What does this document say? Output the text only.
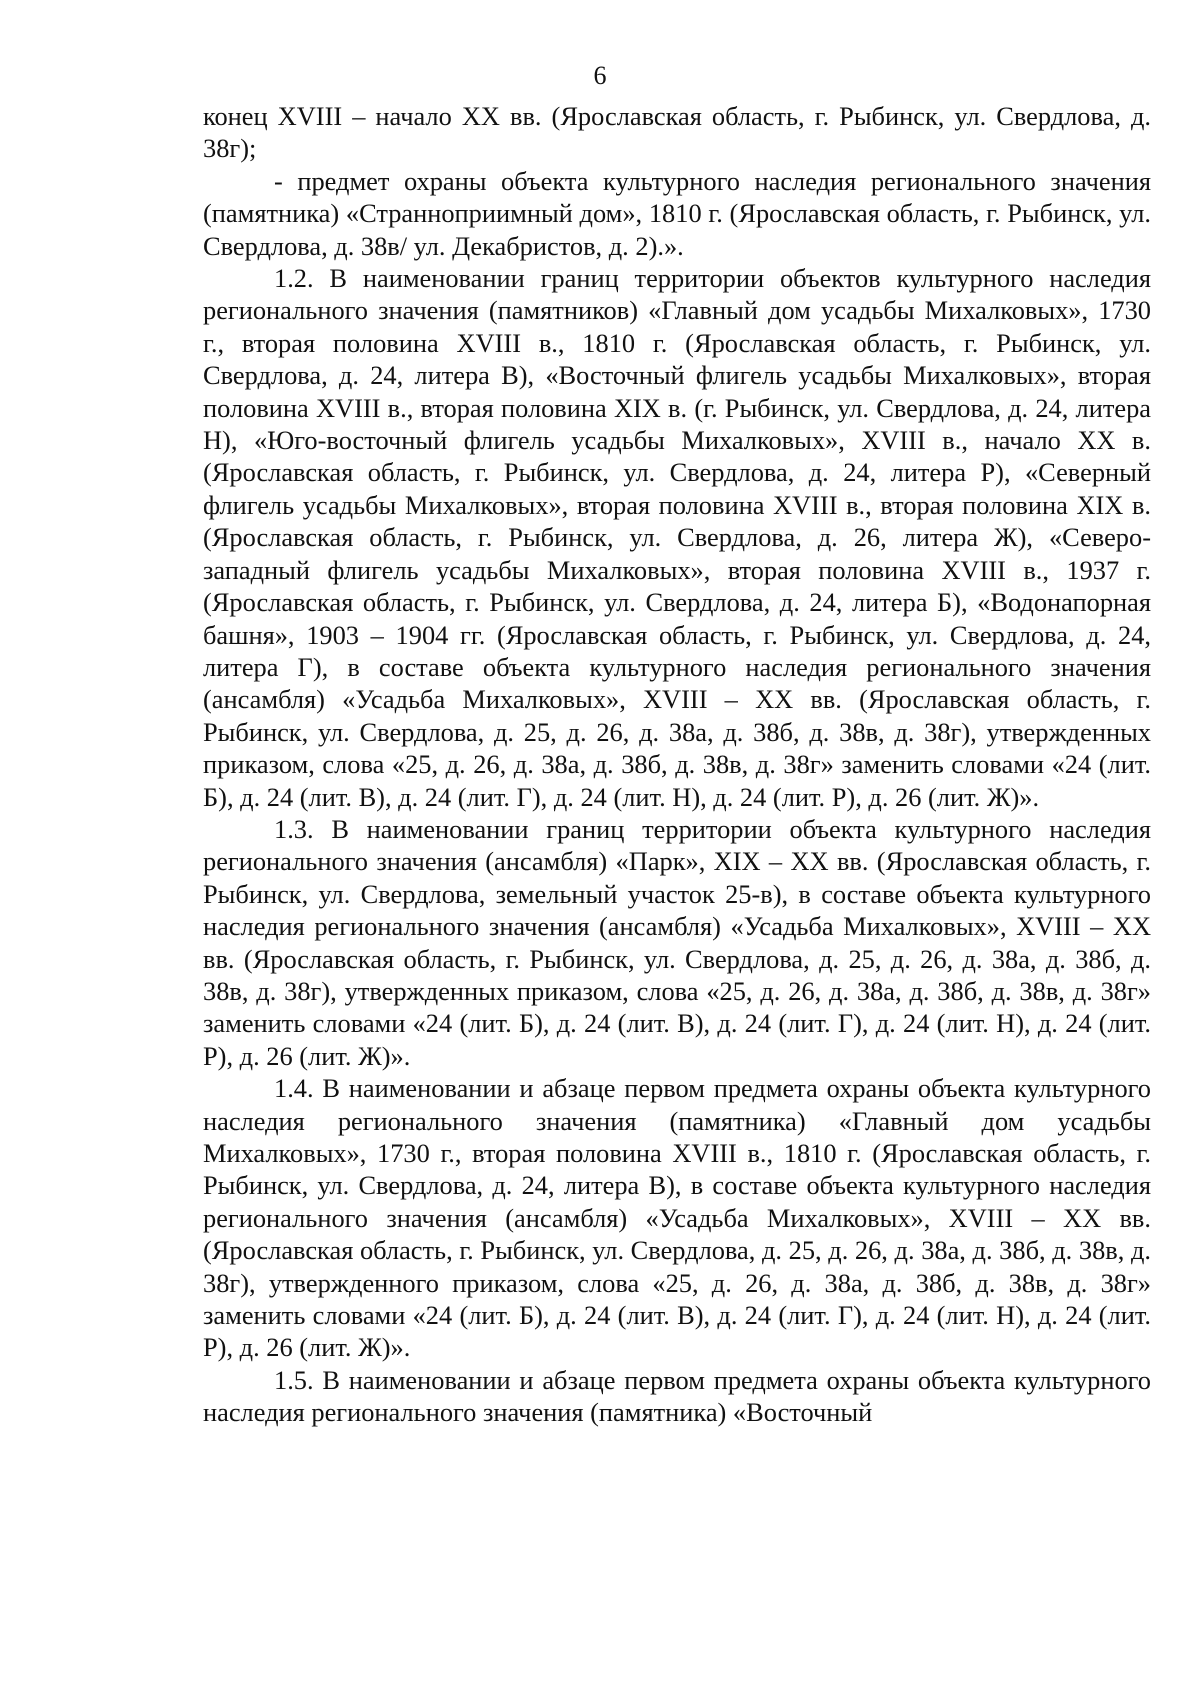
6

конец XVIII – начало XX вв. (Ярославская область, г. Рыбинск, ул. Свердлова, д. 38г);

- предмет охраны объекта культурного наследия регионального значения (памятника) «Странноприимный дом», 1810 г. (Ярославская область, г. Рыбинск, ул. Свердлова, д. 38в/ ул. Декабристов, д. 2).».

1.2. В наименовании границ территории объектов культурного наследия регионального значения (памятников) «Главный дом усадьбы Михалковых», 1730 г., вторая половина XVIII в., 1810 г. (Ярославская область, г. Рыбинск, ул. Свердлова, д. 24, литера В), «Восточный флигель усадьбы Михалковых», вторая половина XVIII в., вторая половина XIX в. (г. Рыбинск, ул. Свердлова, д. 24, литера Н), «Юго-восточный флигель усадьбы Михалковых», XVIII в., начало XX в. (Ярославская область, г. Рыбинск, ул. Свердлова, д. 24, литера Р), «Северный флигель усадьбы Михалковых», вторая половина XVIII в., вторая половина XIX в. (Ярославская область, г. Рыбинск, ул. Свердлова, д. 26, литера Ж), «Северо-западный флигель усадьбы Михалковых», вторая половина XVIII в., 1937 г. (Ярославская область, г. Рыбинск, ул. Свердлова, д. 24, литера Б), «Водонапорная башня», 1903 – 1904 гг. (Ярославская область, г. Рыбинск, ул. Свердлова, д. 24, литера Г), в составе объекта культурного наследия регионального значения (ансамбля) «Усадьба Михалковых», XVIII – XX вв. (Ярославская область, г. Рыбинск, ул. Свердлова, д. 25, д. 26, д. 38а, д. 38б, д. 38в, д. 38г), утвержденных приказом, слова «25, д. 26, д. 38а, д. 38б, д. 38в, д. 38г» заменить словами «24 (лит. Б), д. 24 (лит. В), д. 24 (лит. Г), д. 24 (лит. Н), д. 24 (лит. Р), д. 26 (лит. Ж)».

1.3. В наименовании границ территории объекта культурного наследия регионального значения (ансамбля) «Парк», XIX – XX вв. (Ярославская область, г. Рыбинск, ул. Свердлова, земельный участок 25-в), в составе объекта культурного наследия регионального значения (ансамбля) «Усадьба Михалковых», XVIII – XX вв. (Ярославская область, г. Рыбинск, ул. Свердлова, д. 25, д. 26, д. 38а, д. 38б, д. 38в, д. 38г), утвержденных приказом, слова «25, д. 26, д. 38а, д. 38б, д. 38в, д. 38г» заменить словами «24 (лит. Б), д. 24 (лит. В), д. 24 (лит. Г), д. 24 (лит. Н), д. 24 (лит. Р), д. 26 (лит. Ж)».

1.4. В наименовании и абзаце первом предмета охраны объекта культурного наследия регионального значения (памятника) «Главный дом усадьбы Михалковых», 1730 г., вторая половина XVIII в., 1810 г. (Ярославская область, г. Рыбинск, ул. Свердлова, д. 24, литера В), в составе объекта культурного наследия регионального значения (ансамбля) «Усадьба Михалковых», XVIII – XX вв. (Ярославская область, г. Рыбинск, ул. Свердлова, д. 25, д. 26, д. 38а, д. 38б, д. 38в, д. 38г), утвержденного приказом, слова «25, д. 26, д. 38а, д. 38б, д. 38в, д. 38г» заменить словами «24 (лит. Б), д. 24 (лит. В), д. 24 (лит. Г), д. 24 (лит. Н), д. 24 (лит. Р), д. 26 (лит. Ж)».

1.5. В наименовании и абзаце первом предмета охраны объекта культурного наследия регионального значения (памятника) «Восточный
